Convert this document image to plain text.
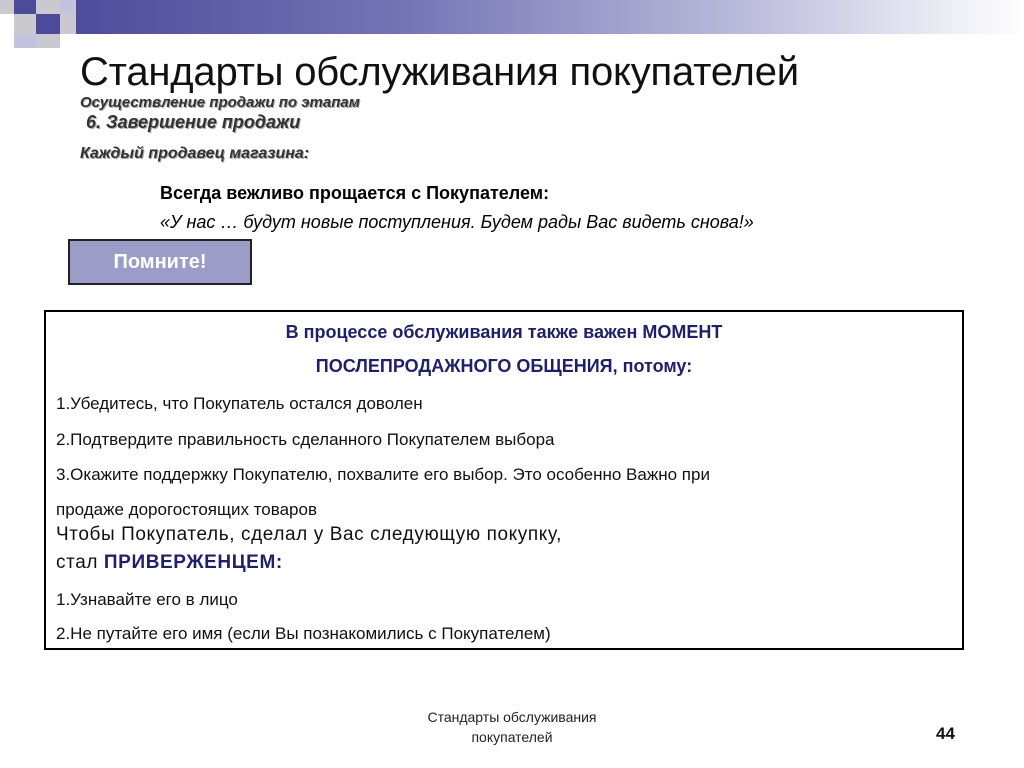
Стандарты обслуживания покупателей
Осуществление продажи по этапам
6. Завершение продажи
Каждый продавец магазина:
Всегда вежливо прощается с Покупателем:
«У нас … будут новые поступления. Будем рады Вас видеть снова!»
Помните!
В процессе обслуживания также важен МОМЕНТ
ПОСЛЕПРОДАЖНОГО ОБЩЕНИЯ, потому:
1.Убедитесь, что Покупатель остался доволен
2.Подтвердите правильность сделанного Покупателем выбора
3.Окажите поддержку Покупателю, похвалите его выбор. Это особенно Важно при
продаже дорогостоящих товаров
Чтобы Покупатель, сделал у Вас следующую покупку,
стал ПРИВЕРЖЕНЦЕМ:
1.Узнавайте его в лицо
2.Не путайте его имя (если Вы познакомились с Покупателем)
Стандарты обслуживания
покупателей	44
